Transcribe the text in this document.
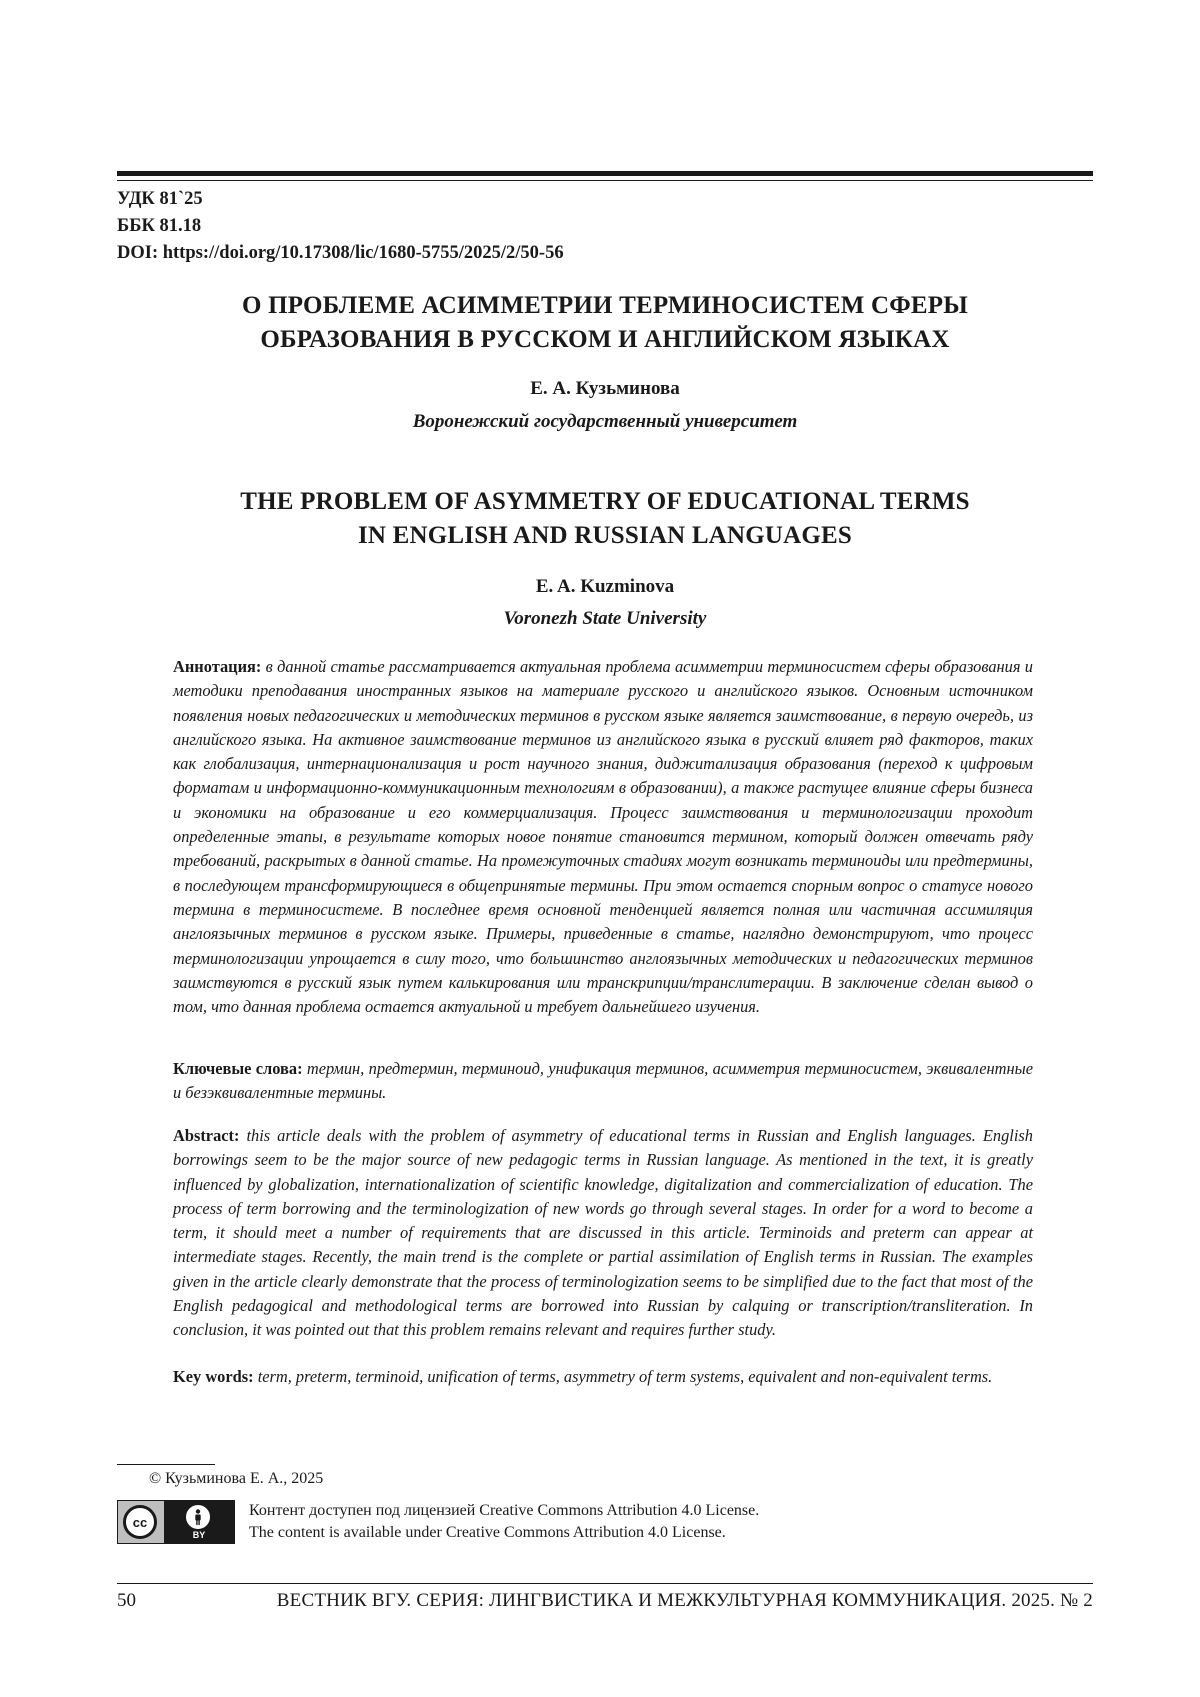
УДК 81`25
ББК 81.18
DOI: https://doi.org/10.17308/lic/1680-5755/2025/2/50-56
О ПРОБЛЕМЕ АСИММЕТРИИ ТЕРМИНОСИСТЕМ СФЕРЫ
ОБРАЗОВАНИЯ В РУССКОМ И АНГЛИЙСКОМ ЯЗЫКАХ
Е. А. Кузьминова
Воронежский государственный университет
THE PROBLEM OF ASYMMETRY OF EDUCATIONAL TERMS
IN ENGLISH AND RUSSIAN LANGUAGES
E. A. Kuzminova
Voronezh State University
Аннотация: в данной статье рассматривается актуальная проблема асимметрии терминосистем сферы образования и методики преподавания иностранных языков на материале русского и английского языков. Основным источником появления новых педагогических и методических терминов в русском языке является заимствование, в первую очередь, из английского языка. На активное заимствование терминов из английского языка в русский влияет ряд факторов, таких как глобализация, интернационализация и рост научного знания, диджитализация образования (переход к цифровым форматам и информационно-коммуникационным технологиям в образовании), а также растущее влияние сферы бизнеса и экономики на образование и его коммерциализация. Процесс заимствования и терминологизации проходит определенные этапы, в результате которых новое понятие становится термином, который должен отвечать ряду требований, раскрытых в данной статье. На промежуточных стадиях могут возникать терминоиды или предтермины, в последующем трансформирующиеся в общепринятые термины. При этом остается спорным вопрос о статусе нового термина в терминосистеме. В последнее время основной тенденцией является полная или частичная ассимиляция англоязычных терминов в русском языке. Примеры, приведенные в статье, наглядно демонстрируют, что процесс терминологизации упрощается в силу того, что большинство англоязычных методических и педагогических терминов заимствуются в русский язык путем калькирования или транскрипции/транслитерации. В заключение сделан вывод о том, что данная проблема остается актуальной и требует дальнейшего изучения.
Ключевые слова: термин, предтермин, терминоид, унификация терминов, асимметрия терминосистем, эквивалентные и безэквивалентные термины.
Abstract: this article deals with the problem of asymmetry of educational terms in Russian and English languages. English borrowings seem to be the major source of new pedagogic terms in Russian language. As mentioned in the text, it is greatly influenced by globalization, internationalization of scientific knowledge, digitalization and commercialization of education. The process of term borrowing and the terminologization of new words go through several stages. In order for a word to become a term, it should meet a number of requirements that are discussed in this article. Terminoids and preterm can appear at intermediate stages. Recently, the main trend is the complete or partial assimilation of English terms in Russian. The examples given in the article clearly demonstrate that the process of terminologization seems to be simplified due to the fact that most of the English pedagogical and methodological terms are borrowed into Russian by calquing or transcription/transliteration. In conclusion, it was pointed out that this problem remains relevant and requires further study.
Key words: term, preterm, terminoid, unification of terms, asymmetry of term systems, equivalent and non-equivalent terms.
© Кузьминова Е. А., 2025
cc
BY
Контент доступен под лицензией Creative Commons Attribution 4.0 License.
The content is available under Creative Commons Attribution 4.0 License.
50	ВЕСТНИК ВГУ. СЕРИЯ: ЛИНГВИСТИКА И МЕЖКУЛЬТУРНАЯ КОММУНИКАЦИЯ. 2025. № 2
